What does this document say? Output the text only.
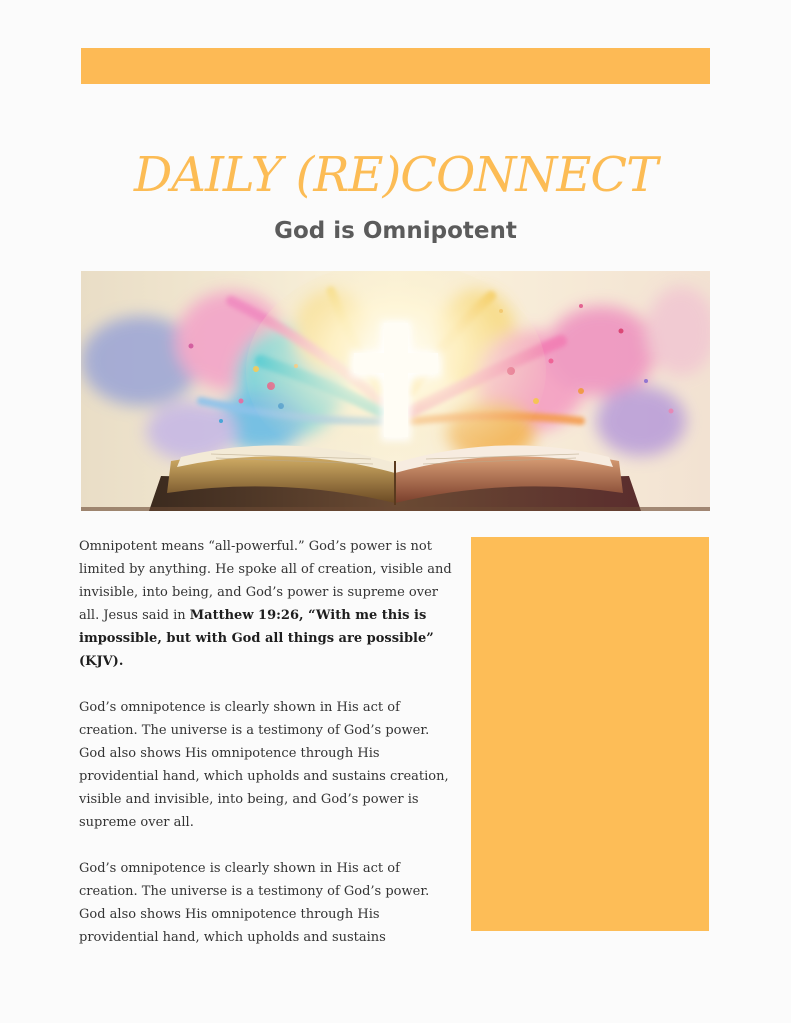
DAILY (RE)CONNECT
God is Omnipotent

Omnipotent means “all-powerful.” God’s power is not limited by anything. He spoke all of creation, visible and invisible, into being, and God’s power is supreme over all. Jesus said in Matthew 19:26, “With me this is impossible, but with God all things are possible” (KJV).

God’s omnipotence is clearly shown in His act of creation. The universe is a testimony of God’s power. God also shows His omnipotence through His providential hand, which upholds and sustains creation, visible and invisible, into being, and God’s power is supreme over all.

God’s omnipotence is clearly shown in His act of creation. The universe is a testimony of God’s power. God also shows His omnipotence through His providential hand, which upholds and sustains
